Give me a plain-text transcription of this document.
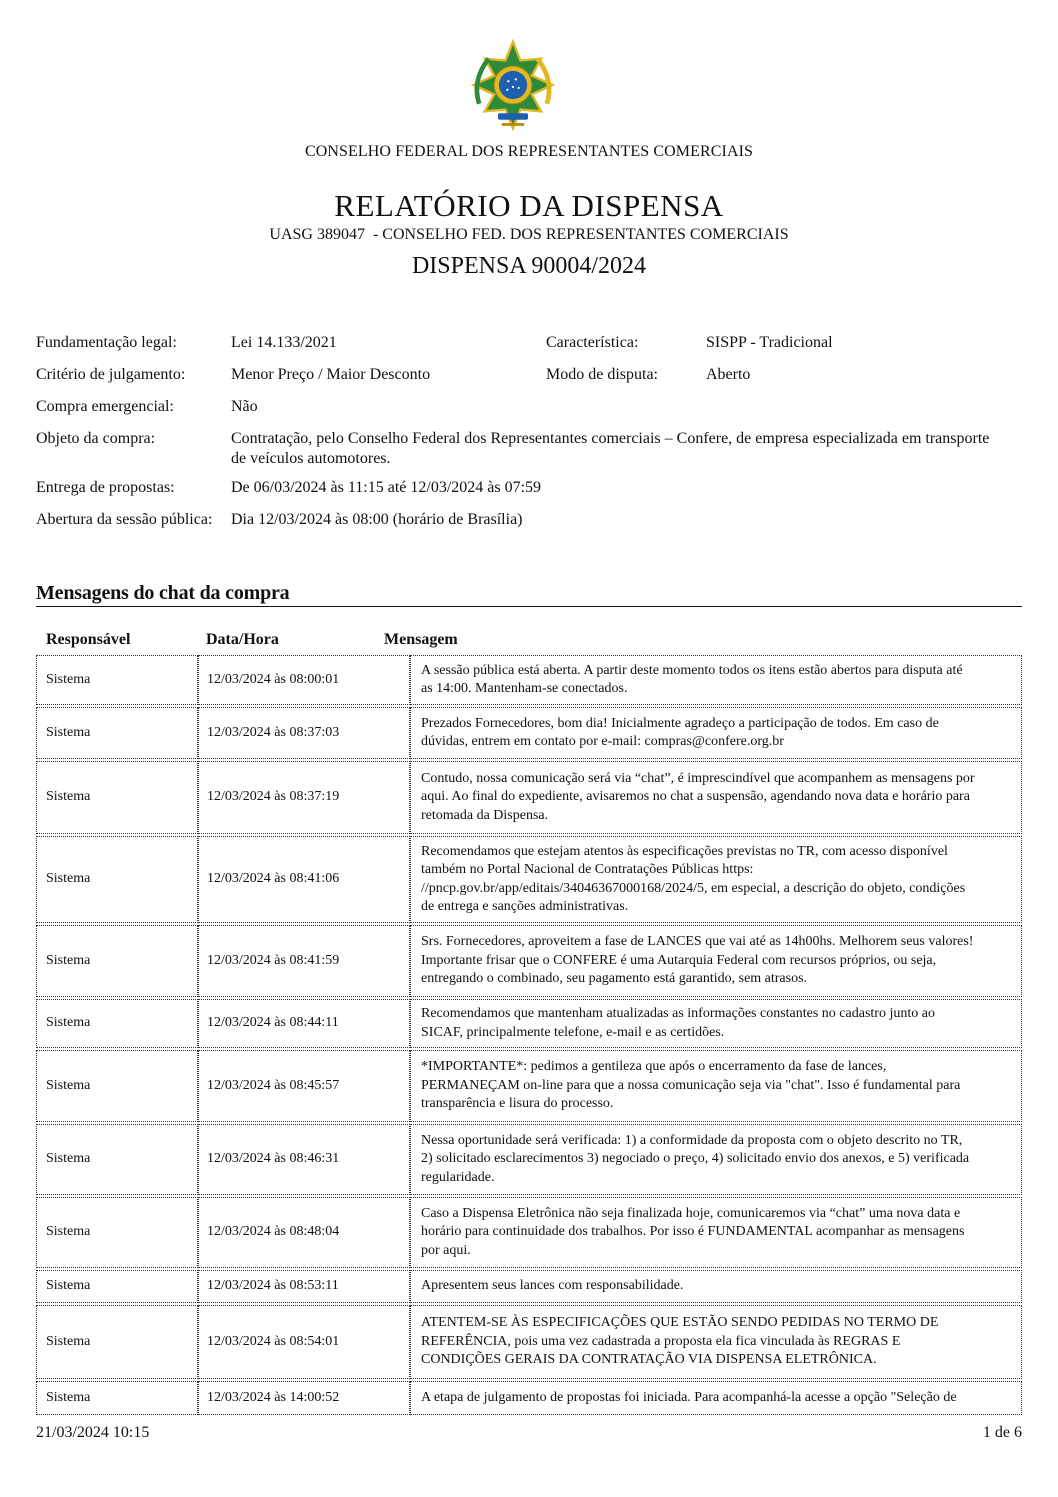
CONSELHO FEDERAL DOS REPRESENTANTES COMERCIAIS
RELATÓRIO DA DISPENSA
UASG 389047  - CONSELHO FED. DOS REPRESENTANTES COMERCIAIS
DISPENSA 90004/2024
Fundamentação legal:	Lei 14.133/2021	Característica:	SISPP - Tradicional
Critério de julgamento:	Menor Preço / Maior Desconto	Modo de disputa:	Aberto
Compra emergencial:	Não
Objeto da compra:	Contratação, pelo Conselho Federal dos Representantes comerciais – Confere, de empresa especializada em transporte de veículos automotores.
Entrega de propostas:	De 06/03/2024 às 11:15 até 12/03/2024 às 07:59
Abertura da sessão pública: Dia 12/03/2024 às 08:00 (horário de Brasília)
Mensagens do chat da compra
Responsável	Data/Hora	Mensagem
Sistema	12/03/2024 às 08:00:01
A sessão pública está aberta. A partir deste momento todos os itens estão abertos para disputa até
as 14:00. Mantenham-se conectados.
Sistema	12/03/2024 às 08:37:03
Prezados Fornecedores, bom dia! Inicialmente agradeço a participação de todos. Em caso de
dúvidas, entrem em contato por e-mail: compras@confere.org.br
Sistema	12/03/2024 às 08:37:19
Contudo, nossa comunicação será via “chat”, é imprescindível que acompanhem as mensagens por
aqui. Ao final do expediente, avisaremos no chat a suspensão, agendando nova data e horário para
retomada da Dispensa.
Sistema	12/03/2024 às 08:41:06
Recomendamos que estejam atentos às especificações previstas no TR, com acesso disponível
também no Portal Nacional de Contratações Públicas https:
//pncp.gov.br/app/editais/34046367000168/2024/5, em especial, a descrição do objeto, condições
de entrega e sanções administrativas.
Sistema	12/03/2024 às 08:41:59
Srs. Fornecedores, aproveitem a fase de LANCES que vai até as 14h00hs. Melhorem seus valores!
Importante frisar que o CONFERE é uma Autarquia Federal com recursos próprios, ou seja,
entregando o combinado, seu pagamento está garantido, sem atrasos.
Sistema	12/03/2024 às 08:44:11
Recomendamos que mantenham atualizadas as informações constantes no cadastro junto ao
SICAF, principalmente telefone, e-mail e as certidões.
Sistema	12/03/2024 às 08:45:57
*IMPORTANTE*: pedimos a gentileza que após o encerramento da fase de lances,
PERMANEÇAM on-line para que a nossa comunicação seja via "chat". Isso é fundamental para
transparência e lisura do processo.
Sistema	12/03/2024 às 08:46:31
Nessa oportunidade será verificada: 1) a conformidade da proposta com o objeto descrito no TR,
2) solicitado esclarecimentos 3) negociado o preço, 4) solicitado envio dos anexos, e 5) verificada
regularidade.
Sistema	12/03/2024 às 08:48:04
Caso a Dispensa Eletrônica não seja finalizada hoje, comunicaremos via “chat” uma nova data e
horário para continuidade dos trabalhos. Por isso é FUNDAMENTAL acompanhar as mensagens
por aqui.
Sistema	12/03/2024 às 08:53:11	Apresentem seus lances com responsabilidade.
Sistema	12/03/2024 às 08:54:01
ATENTEM-SE ÀS ESPECIFICAÇÕES QUE ESTÃO SENDO PEDIDAS NO TERMO DE
REFERÊNCIA, pois uma vez cadastrada a proposta ela fica vinculada às REGRAS E
CONDIÇÕES GERAIS DA CONTRATAÇÃO VIA DISPENSA ELETRÔNICA.
Sistema	12/03/2024 às 14:00:52	A etapa de julgamento de propostas foi iniciada. Para acompanhá-la acesse a opção "Seleção de
21/03/2024 10:15	1 de 6
